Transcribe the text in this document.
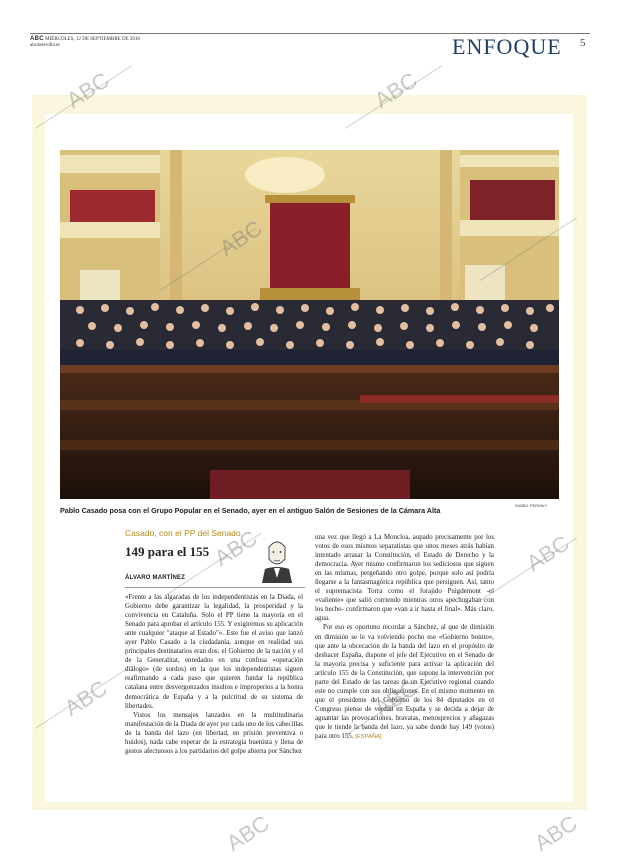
ABC MIÉRCOLES, 12 DE SEPTIEMBRE DE 2018
abcdesevilla.es	ENFOQUE 5
ISABEL PERMUY
Pablo Casado posa con el Grupo Popular en el Senado, ayer en el antiguo Salón de Sesiones de la Cámara Alta
Casado, con el PP del Senado
149 para el 155
ÁLVARO MARTÍNEZ

«Frente a las algaradas de los independentistas en la Diada, el Gobierno debe garantizar la legalidad, la prosperidad y la convivencia en Cataluña. Solo el PP tiene la mayoría en el Senado para aprobar el artículo 155. Y exigiremos su aplicación ante cualquier "ataque al Estado"». Este fue el aviso que lanzó ayer Pablo Casado a la ciudadanía, aunque en realidad sus principales destinatarios eran dos: el Gobierno de la nación y el de la Generalitat, enredados en una confusa «operación diálogo» (de sordos) en la que los independentistas siguen reafirmando a cada paso que quieren fundar la república catalana entre desvergonzados insultos e improperios a la honra democrática de España y a la pulcritud de su sistema de libertades.

Vistos los mensajes lanzados en la multitudinaria manifestación de la Diada de ayer por cada uno de los cabecillas de la banda del lazo (en libertad, en prisión preventiva o huidos), nada cabe esperar de la estrategia buenista y llena de gestos afectuosos a los partidarios del golpe abierta por Sánchez

una vez que llegó a La Moncloa, aupado precisamente por los votos de esos mismos separatistas que unos meses atrás habían intentado arrasar la Constitución, el Estado de Derecho y la democracia. Ayer mismo confirmaron los sediciosos que siguen en las mismas, pergeñando otro golpe, porque solo así podría llegarse a la fantasmagórica república que persiguen. Así, tanto el supremacista Torra como el forajido Puigdemont -el «valiente» que salió corriendo mientras otros apechugaban con los hecho- confirmaron que «van a ir hasta el final». Más claro, agua.

Por eso es oportuno recordar a Sánchez, al que de dimisión en dimisión se le va volviendo pocho ese «Gobierno bonito», que ante la obcecación de la banda del lazo en el propósito de deshacer España, dispone el jefe del Ejecutivo en el Senado de la mayoría precisa y suficiente para activar la aplicación del artículo 155 de la Constitución, que supone la intervención por parte del Estado de las tareas de un Ejecutivo regional cuando este no cumple con sus obligaciones. En el mismo momento en que el presidente del Gobierno de los 84 diputados en el Congreso piense de verdad en España y se decida a dejar de aguantar las provocaciones, bravatas, menosprecios y añagazas que le tiende la banda del lazo, ya sabe donde hay 149 (votos) para otro 155. [ESPAÑA]

ABC	ABC
ABC
ABC	ABC
ABC	ABC
ABC	ABC
